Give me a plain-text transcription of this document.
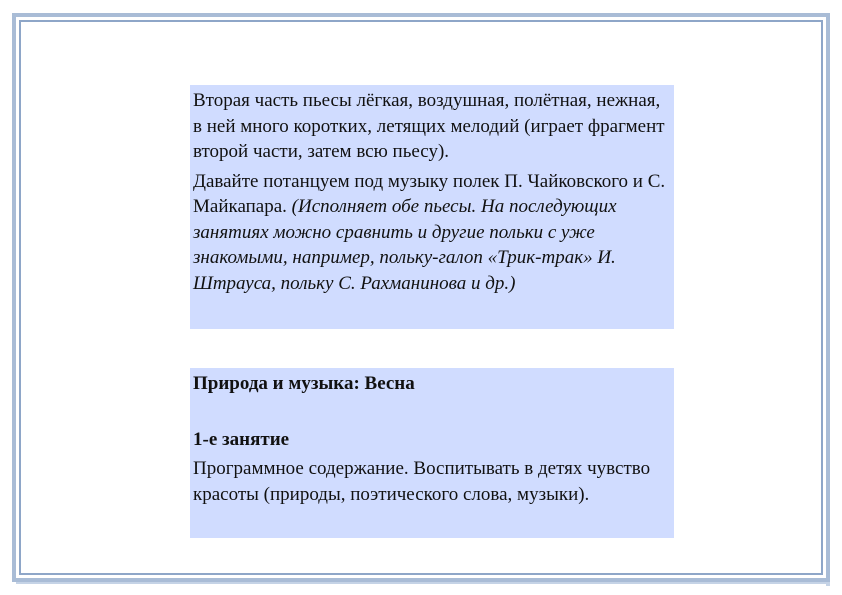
Вторая часть пьесы лёгкая, воздушная, полётная, нежная, в ней много коротких, летящих мелодий (играет фрагмент второй части, затем всю пьесу).

Давайте потанцуем под музыку полек П. Чайковского и С. Майкапара. (Исполняет обе пьесы. На последующих занятиях можно сравнить и другие польки с уже знакомыми, например, польку-галоп «Трик-трак» И. Штрауса, польку С. Рахманинова и др.)

Природа и музыка: Весна

1-е занятие

Программное содержание. Воспитывать в детях чувство красоты (природы, поэтического слова, музыки).
